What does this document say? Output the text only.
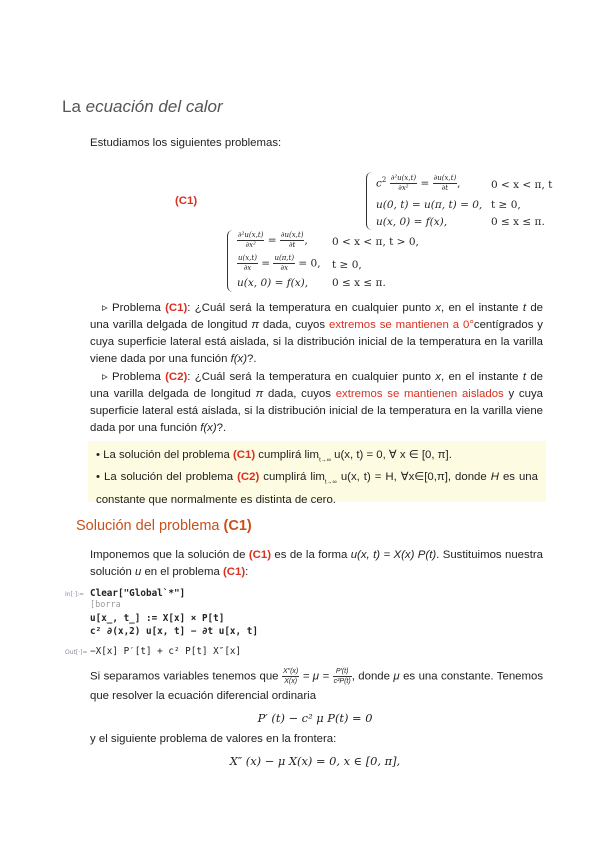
La ecuación del calor
Estudiamos los siguientes problemas:
(C1)
$c^2 \frac{\text{∂²u(x,t)}}{\text{∂x²}} = \frac{\partial u(x,t)}{\partial t}$ ,	0 < x < π, t
u(0, t) = u(π, t) = 0, t ≥ 0,
u(x, 0) = f(x),	0 ≤ x ≤ π.
$\frac{\text{∂²u(x,t)}}{\text{∂x²}} = \frac{\partial u(x,t)}{\partial t}$ , 0 < x < π, t > 0,
$\frac{u(x,t)}{\partial x} = \frac{u(\pi,t)}{\partial x} = 0$, t ≥ 0,
u(x, 0) = f(x), 0 ≤ x ≤ π.
▹ Problema (C1): ¿Cuál será la temperatura en cualquier punto x, en el instante t de una varilla delgada de longitud π dada, cuyos extremos se mantienen a 0°centígrados y cuya superficie lateral está aislada, si la distribución inicial de la temperatura en la varilla viene dada por una función f(x)?.
▹ Problema (C2): ¿Cuál será la temperatura en cualquier punto x, en el instante t de una varilla delgada de longitud π dada, cuyos extremos se mantienen aislados y cuya superficie lateral está aislada, si la distribución inicial de la temperatura en la varilla viene dada por una función f(x)?.
• La solución del problema (C1) cumplirá $\lim_{t\to\infty} u(x$, t) = 0, ∀ x ∈ [0, π].
• La solución del problema (C2) cumplirá $\lim_{t\to\infty} u(x$, t) = H, ∀x∈[0,π], donde H es una constante que normalmente es distinta de cero.
Solución del problema (C1)
Imponemos que la solución de (C1) es de la forma u(x, t) = X(x) P(t). Sustituimos nuestra solución u en el problema (C1):
In[·]:= Clear["Global`*"]
[borra
u[x_, t_] := X[x] × P[t]
c² ∂(x,2) u[x, t] − ∂t u[x, t]
Out[·]= −X[x] P′[t] + c² P[t] X″[x]
Si separamos variables tenemos que $\frac{X''(x)}{X(x)} = \mu = \frac{P'(t)}{\text{c²P(t)}}$ , donde μ es una constante. Tenemos que resolver la ecuación diferencial ordinaria
P′ (t) − c² μ P(t) = 0
y el siguiente problema de valores en la frontera:
X″ (x) − μ X(x) = 0, x ∈ [0, π],
